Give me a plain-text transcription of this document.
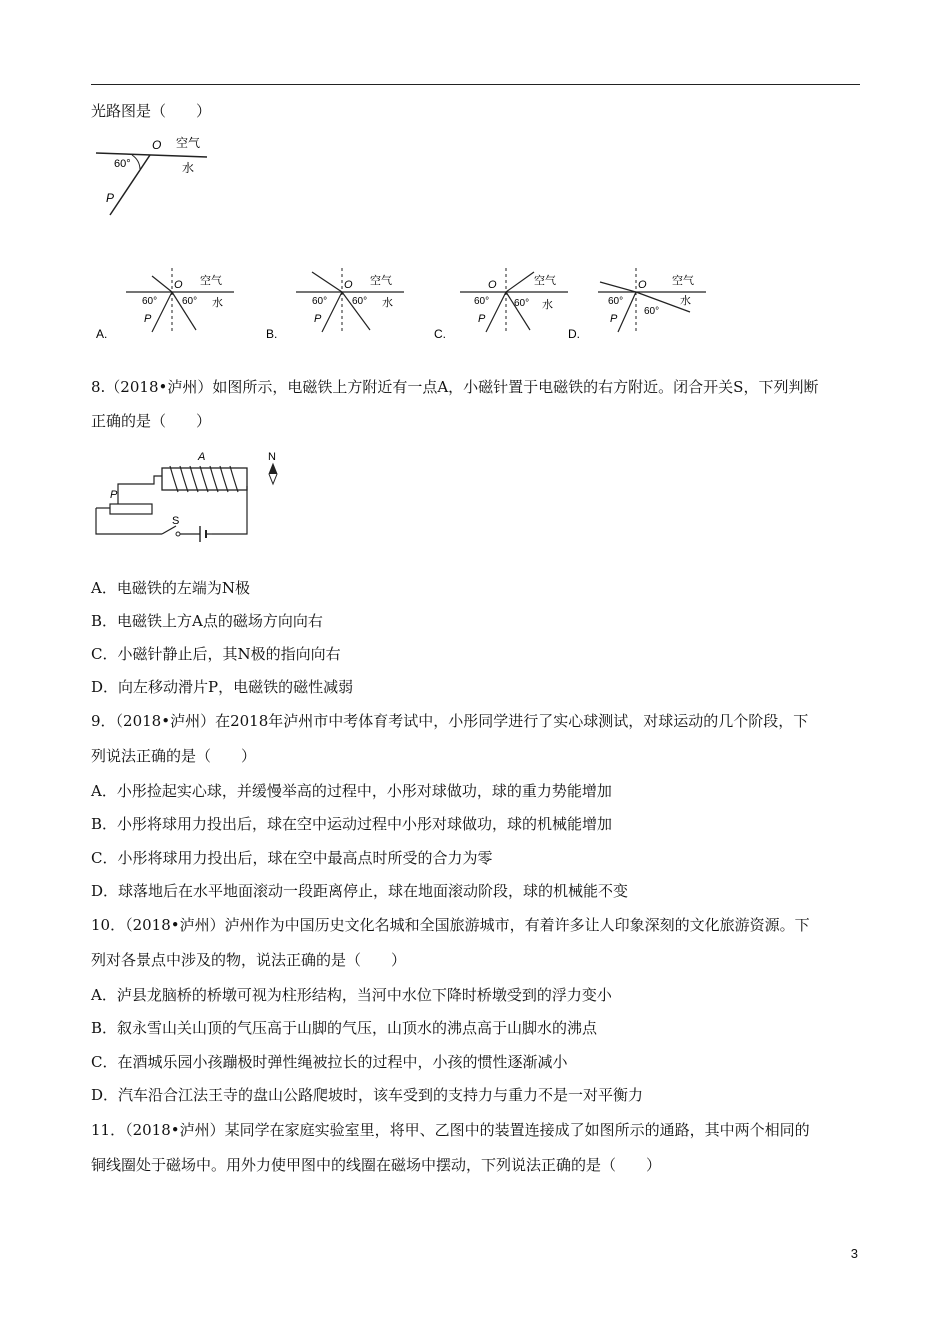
光路图是（　　）
O 空气
水
60°
P
O 空气
水
60° 60°
P
A.
O 空气
水
60° 60°
P
B.
O	空气
水
60° 60°
P
C.
O 空气
水
60°
60°
P
D.
8.（2018•泸州）如图所示，电磁铁上方附近有一点A，小磁针置于电磁铁的右方附近。闭合开关S，下列判断
正确的是（　　）
A	N
P
S
A．电磁铁的左端为N极
B．电磁铁上方A点的磁场方向向右
C．小磁针静止后，其N极的指向向右
D．向左移动滑片P，电磁铁的磁性减弱
9．（2018•泸州）在2018年泸州市中考体育考试中，小彤同学进行了实心球测试，对球运动的几个阶段，下
列说法正确的是（　　）
A．小彤捡起实心球，并缓慢举高的过程中，小彤对球做功，球的重力势能增加
B．小彤将球用力投出后，球在空中运动过程中小彤对球做功，球的机械能增加
C．小彤将球用力投出后，球在空中最高点时所受的合力为零
D．球落地后在水平地面滚动一段距离停止，球在地面滚动阶段，球的机械能不变
10．（2018•泸州）泸州作为中国历史文化名城和全国旅游城市，有着许多让人印象深刻的文化旅游资源。下
列对各景点中涉及的物，说法正确的是（　　）
A．泸县龙脑桥的桥墩可视为柱形结构，当河中水位下降时桥墩受到的浮力变小
B．叙永雪山关山顶的气压高于山脚的气压，山顶水的沸点高于山脚水的沸点
C．在酒城乐园小孩蹦极时弹性绳被拉长的过程中，小孩的惯性逐渐减小
D．汽车沿合江法王寺的盘山公路爬坡时，该车受到的支持力与重力不是一对平衡力
11．（2018•泸州）某同学在家庭实验室里，将甲、乙图中的装置连接成了如图所示的通路，其中两个相同的
铜线圈处于磁场中。用外力使甲图中的线圈在磁场中摆动，下列说法正确的是（　　）
3
